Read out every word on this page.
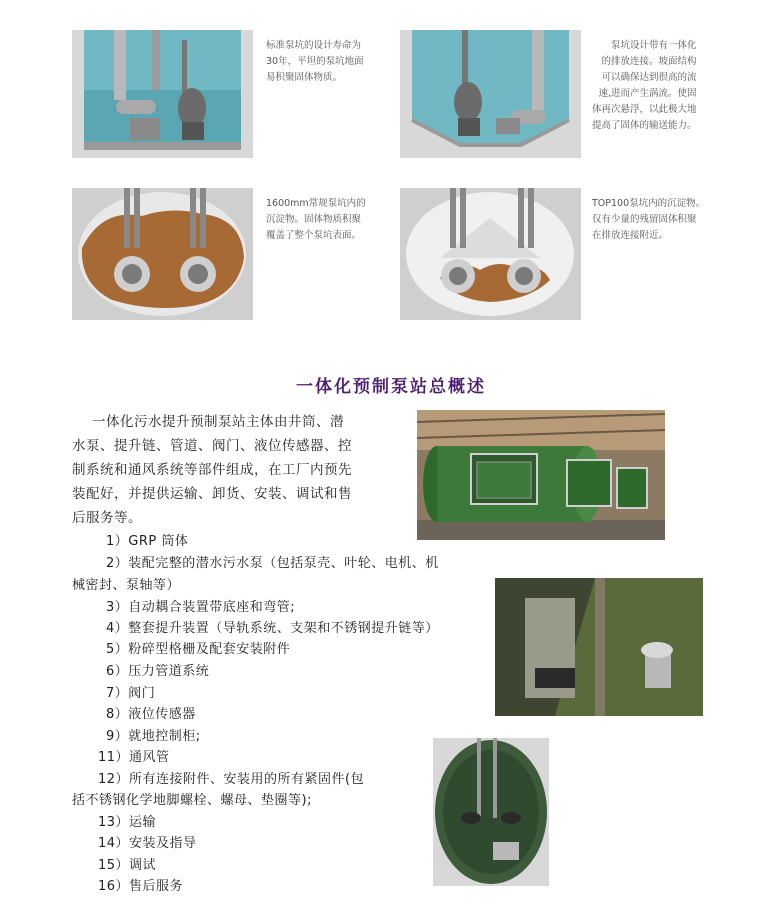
标准泵坑的设计寿命为
30年，平坦的泵坑地面
易积聚固体物质。
泵坑设计带有一体化
的排放连接。坡面结构
可以确保达到很高的流
速,进而产生涡流。使固
体再次悬浮，以此极大地
提高了固体的输送能力。
1600mm常规泵坑内的
沉淀物。固体物质积聚
覆盖了整个泵坑表面。
TOP100泵坑内的沉淀物。
仅有少量的残留固体积聚
在排放连接附近。
一体化预制泵站总概述
一体化污水提升预制泵站主体由井筒、潜
水泵、提升链、管道、阀门、液位传感器、控
制系统和通风系统等部件组成，在工厂内预先
装配好，并提供运输、卸货、安装、调试和售
后服务等。
1）GRP 筒体
2）装配完整的潜水污水泵（包括泵壳、叶轮、电机、机
械密封、泵轴等）
3）自动耦合装置带底座和弯管;
4）整套提升装置（导轨系统、支架和不锈钢提升链等）
5）粉碎型格栅及配套安装附件
6）压力管道系统
7）阀门
8）液位传感器
9）就地控制柜;
11）通风管
12）所有连接附件、安装用的所有紧固件(包
括不锈钢化学地脚螺栓、螺母、垫圈等);
13）运输
14）安装及指导
15）调试
16）售后服务
